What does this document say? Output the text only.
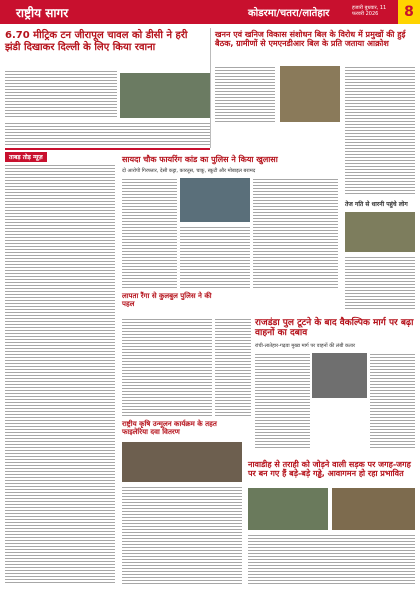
राष्ट्रीय सागर	कोडरमा/चतरा/लातेहार	हजारी बुधवार, 11 फरवरी 2026	8
6.70 मीट्रिक टन जीरापूल चावल को डीसी ने हरी झंडी दिखाकर दिल्ली के लिए किया रवाना
खनन एवं खनिज विकास संशोधन बिल के विरोध में प्रमुखों की हुई बैठक, ग्रामीणों से एमएनडीआर बिल के प्रति जताया आक्रोश
ताबड़ तोड़ न्यूज़	सायदा चौक फायरिंग कांड का पुलिस ने किया खुलासा
दो आरोपी गिरफ्तार, देसी कट्टा, कारतूस, चाकू, स्कूटी और मोबाइल बरामद
तेज गति से धारनी पहुंचे लोग
लापता रैंगा से कुलबुल पुलिस ने की पहल
राजडंडा पुल टूटने के बाद वैकल्पिक मार्ग पर बढ़ा वाहनों का दबाव
रांची-लातेहार-गढ़वा मुख्य मार्ग पर वाहनों की लंबी कतार
राष्ट्रीय कृषि उन्मूलन कार्यक्रम के तहत फाइलेरिया दवा वितरण
नावाडीह से तराही को जोड़ने वाली सड़क पर जगह-जगह पर बन गए हैं बड़े-बड़े गड्ढे, आवागमन हो रहा प्रभावित
